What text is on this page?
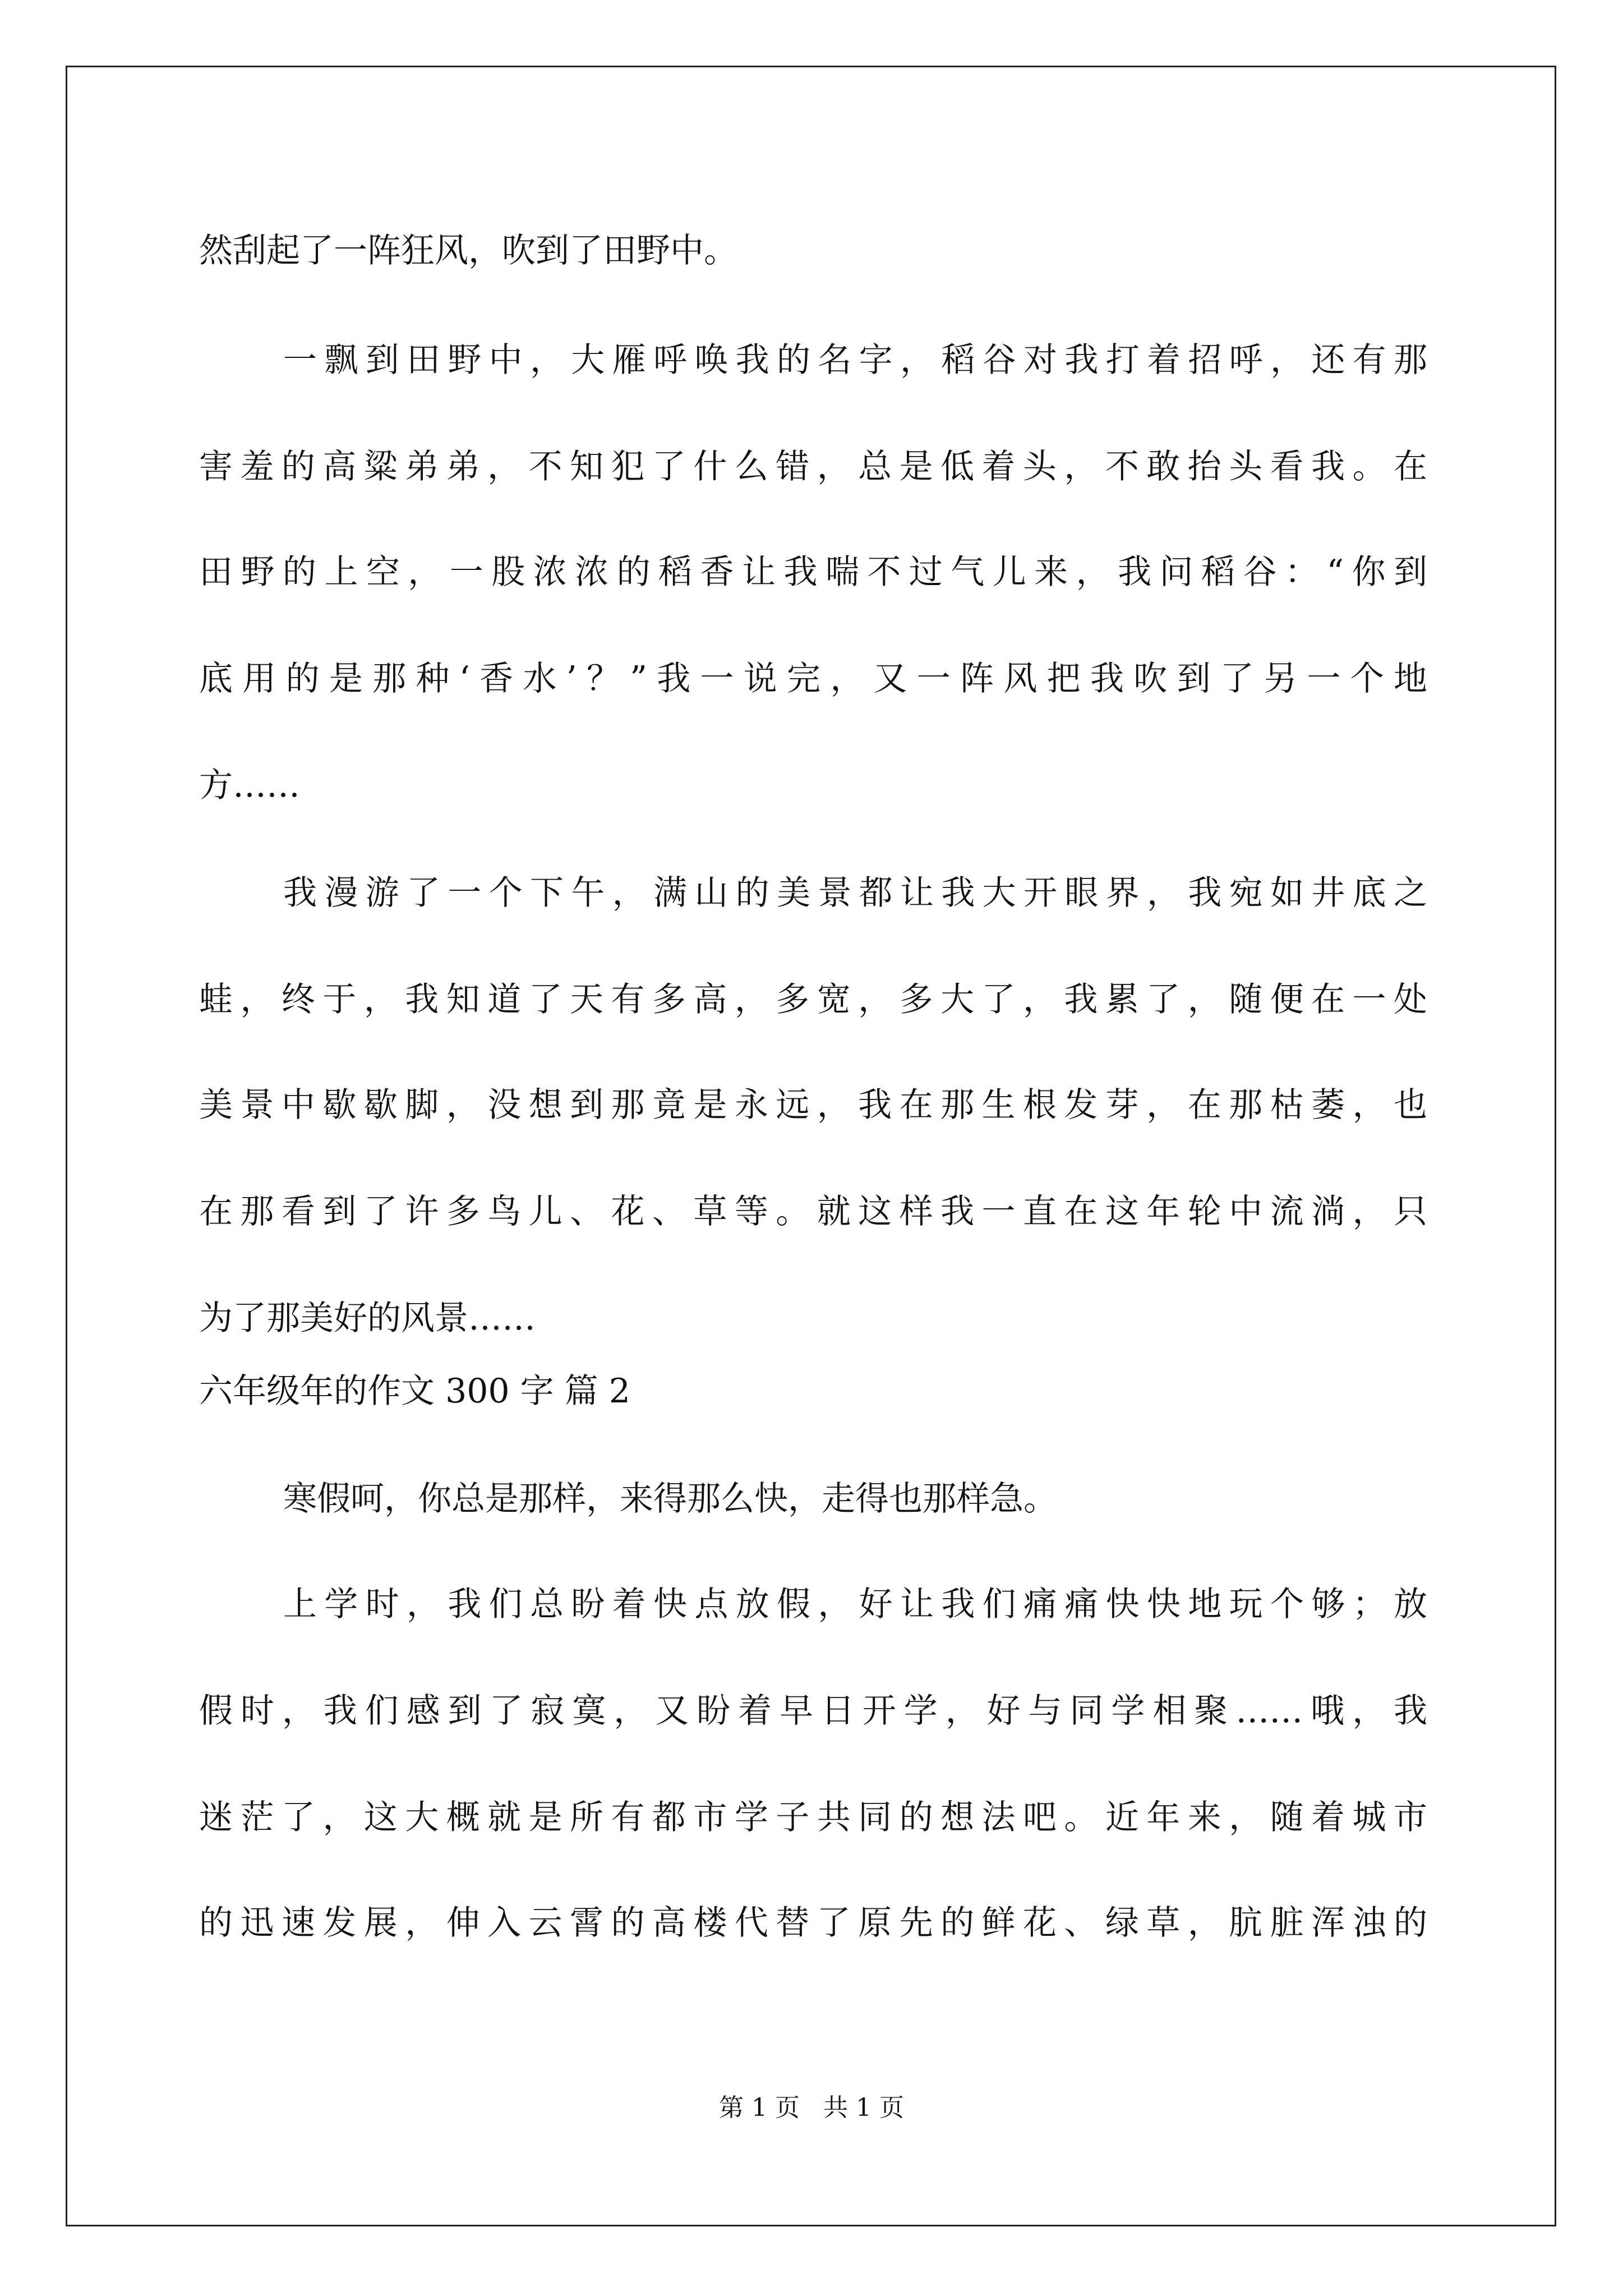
然刮起了一阵狂风，吹到了田野中。
一飘到田野中，大雁呼唤我的名字，稻谷对我打着招呼，还有那
害羞的高粱弟弟，不知犯了什么错，总是低着头，不敢抬头看我。在
田野的上空，一股浓浓的稻香让我喘不过气儿来，我问稻谷：“你到
底用的是那种‘香水’？”我一说完，又一阵风把我吹到了另一个地
方……
我漫游了一个下午，满山的美景都让我大开眼界，我宛如井底之
蛙，终于，我知道了天有多高，多宽，多大了，我累了，随便在一处
美景中歇歇脚，没想到那竟是永远，我在那生根发芽，在那枯萎，也
在那看到了许多鸟儿、花、草等。就这样我一直在这年轮中流淌，只
为了那美好的风景……
六年级年的作文 300 字 篇 2
寒假呵，你总是那样，来得那么快，走得也那样急。
上学时，我们总盼着快点放假，好让我们痛痛快快地玩个够；放
假时，我们感到了寂寞，又盼着早日开学，好与同学相聚……哦，我
迷茫了，这大概就是所有都市学子共同的想法吧。近年来，随着城市
的迅速发展，伸入云霄的高楼代替了原先的鲜花、绿草，肮脏浑浊的
第 1 页   共 1 页
